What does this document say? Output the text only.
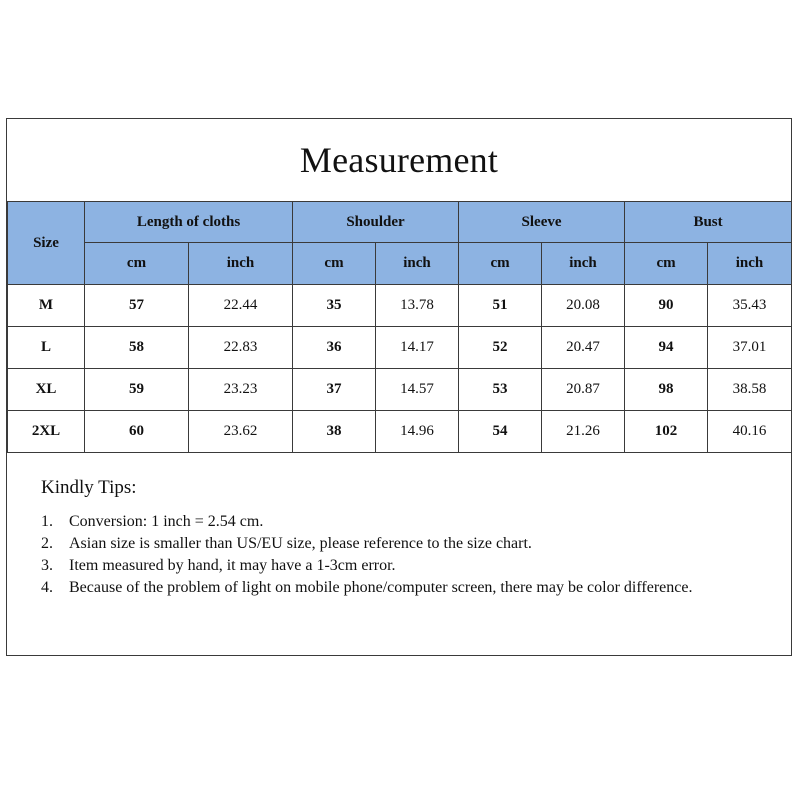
Measurement
Size	Length of cloths		Shoulder		Sleeve		Bust	
	cm	inch	cm	inch	cm	inch	cm	inch
M	57	22.44	35	13.78	51	20.08	90	35.43
L	58	22.83	36	14.17	52	20.47	94	37.01
XL	59	23.23	37	14.57	53	20.87	98	38.58
2XL	60	23.62	38	14.96	54	21.26	102	40.16
Kindly Tips:
1.	Conversion: 1 inch = 2.54 cm.
2.	Asian size is smaller than US/EU size, please reference to the size chart.
3.	Item measured by hand, it may have a 1-3cm error.
4.	Because of the problem of light on mobile phone/computer screen, there may be color difference.
